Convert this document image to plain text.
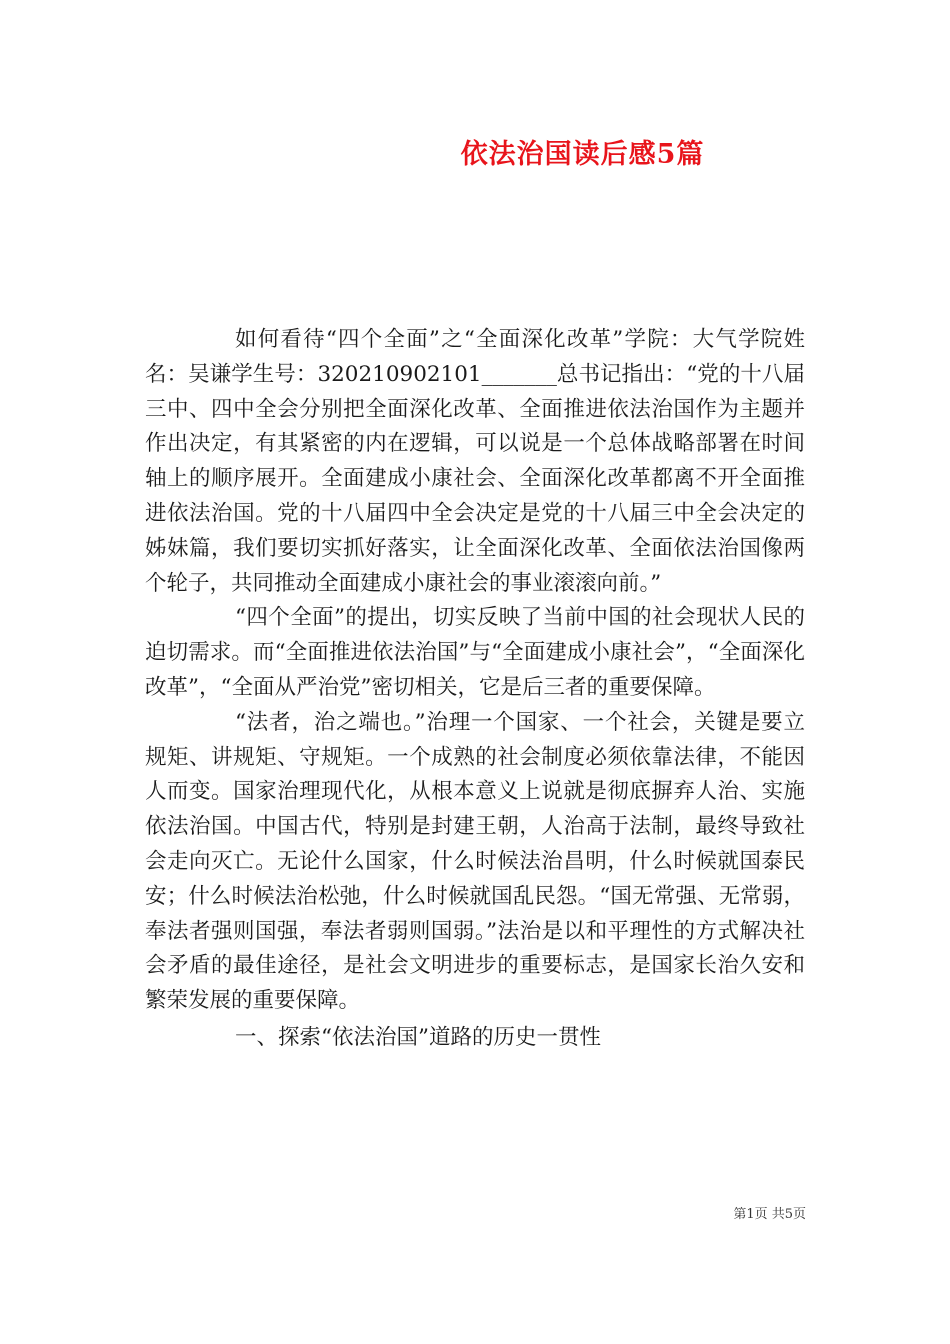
依法治国读后感5篇

如何看待“四个全面”之“全面深化改革”学院：大气学院姓名：吴谦学生号：320210902101_______总书记指出：“党的十八届三中、四中全会分别把全面深化改革、全面推进依法治国作为主题并作出决定，有其紧密的内在逻辑，可以说是一个总体战略部署在时间轴上的顺序展开。全面建成小康社会、全面深化改革都离不开全面推进依法治国。党的十八届四中全会决定是党的十八届三中全会决定的姊妹篇，我们要切实抓好落实，让全面深化改革、全面依法治国像两个轮子，共同推动全面建成小康社会的事业滚滚向前。”

“四个全面”的提出，切实反映了当前中国的社会现状人民的迫切需求。而“全面推进依法治国”与“全面建成小康社会”，“全面深化改革”，“全面从严治党”密切相关，它是后三者的重要保障。

“法者，治之端也。”治理一个国家、一个社会，关键是要立规矩、讲规矩、守规矩。一个成熟的社会制度必须依靠法律，不能因人而变。国家治理现代化，从根本意义上说就是彻底摒弃人治、实施依法治国。中国古代，特别是封建王朝，人治高于法制，最终导致社会走向灭亡。无论什么国家，什么时候法治昌明，什么时候就国泰民安；什么时候法治松弛，什么时候就国乱民怨。“国无常强、无常弱，奉法者强则国强，奉法者弱则国弱。”法治是以和平理性的方式解决社会矛盾的最佳途径，是社会文明进步的重要标志，是国家长治久安和繁荣发展的重要保障。

一、探索“依法治国”道路的历史一贯性

第1页 共5页
